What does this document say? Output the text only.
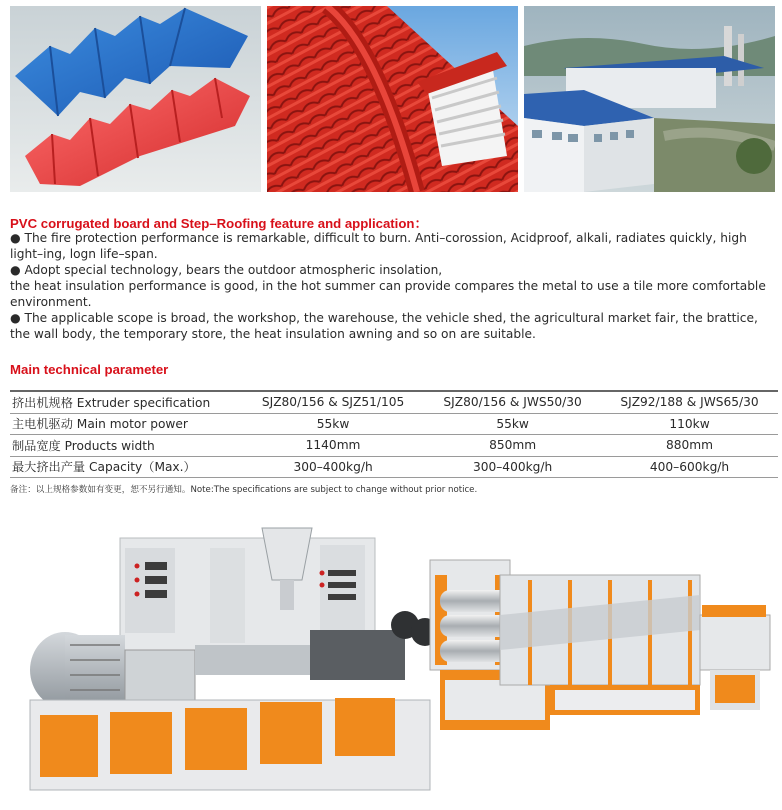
PVC corrugated board and Step–Roofing feature and application：

● The fire protection performance is remarkable, difficult to burn. Anti–corossion, Acidproof, alkali, radiates quickly, high light–ing, logn life–span.

● Adopt special technology, bears the outdoor atmospheric insolation,

the heat insulation performance is good, in the hot summer can provide compares the metal to use a tile more comfortable environment.

● The applicable scope is broad, the workshop, the warehouse, the vehicle shed, the agricultural market fair, the brattice, the wall body, the temporary store, the heat insulation awning and so on are suitable.

Main technical parameter
挤出机规格 Extruder specification	SJZ80/156 & SJZ51/105	SJZ80/156 & JWS50/30	SJZ92/188 & JWS65/30
主电机驱动 Main motor power	55kw	55kw	110kw
制品宽度 Products width	1140mm	850mm	880mm
最大挤出产量 Capacity（Max.）	300–400kg/h	300–400kg/h	400–600kg/h
备注：以上规格参数如有变更，恕不另行通知。Note:The specifications are subject to change without prior notice.
